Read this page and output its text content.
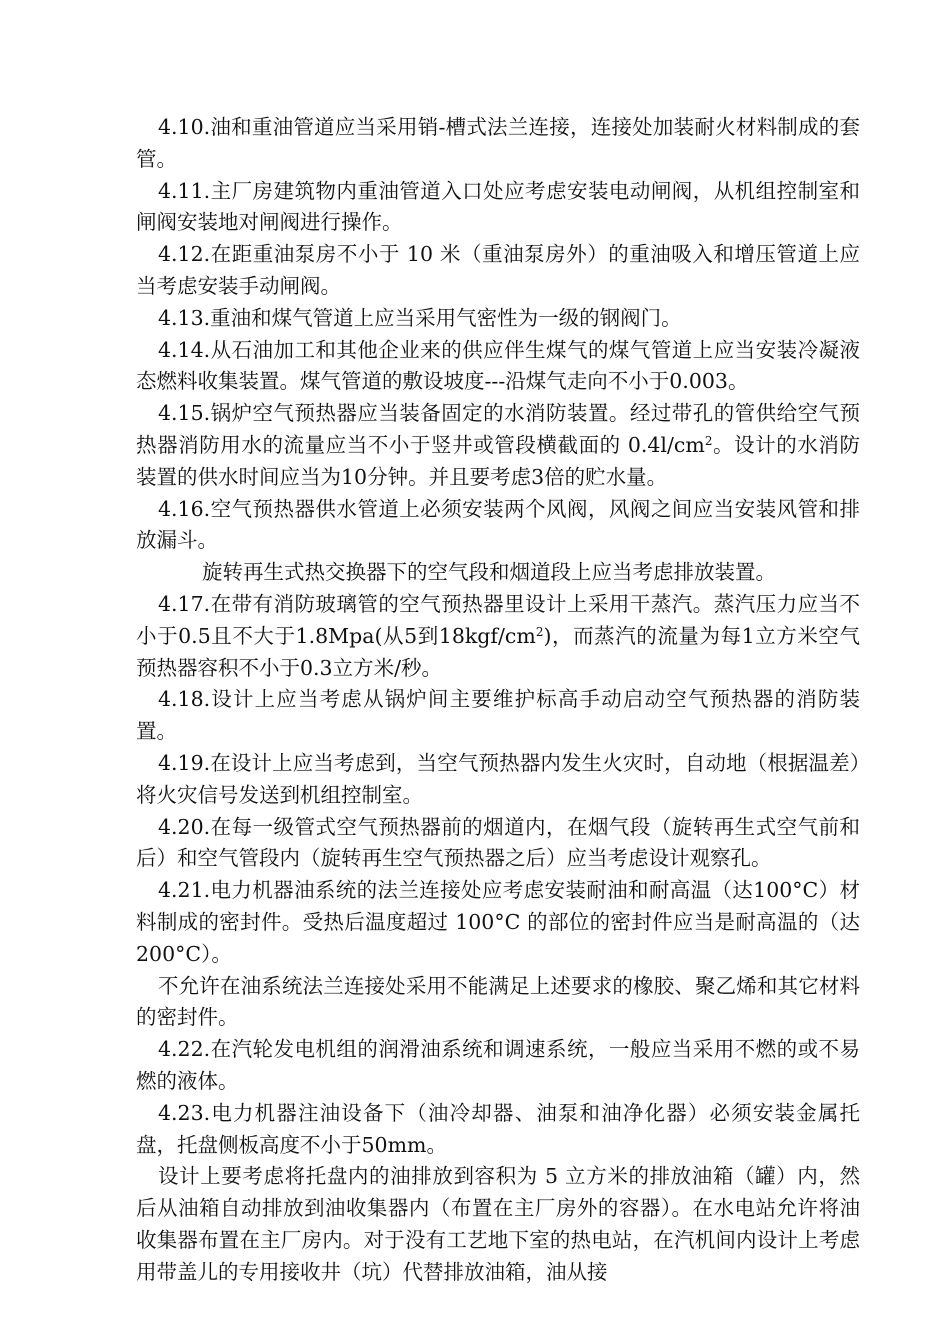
4.10.油和重油管道应当采用销-槽式法兰连接，连接处加装耐火材料制成的套管。

4.11.主厂房建筑物内重油管道入口处应考虑安装电动闸阀，从机组控制室和闸阀安装地对闸阀进行操作。

4.12.在距重油泵房不小于 10 米（重油泵房外）的重油吸入和增压管道上应当考虑安装手动闸阀。

4.13.重油和煤气管道上应当采用气密性为一级的钢阀门。

4.14.从石油加工和其他企业来的供应伴生煤气的煤气管道上应当安装冷凝液态燃料收集装置。煤气管道的敷设坡度---沿煤气走向不小于0.003。

4.15.锅炉空气预热器应当装备固定的水消防装置。经过带孔的管供给空气预热器消防用水的流量应当不小于竖井或管段横截面的 $0.4l/cm^2$。设计的水消防装置的供水时间应当为10分钟。并且要考虑3倍的贮水量。

4.16.空气预热器供水管道上必须安装两个风阀，风阀之间应当安装风管和排放漏斗。

旋转再生式热交换器下的空气段和烟道段上应当考虑排放装置。

4.17.在带有消防玻璃管的空气预热器里设计上采用干蒸汽。蒸汽压力应当不小于0.5且不大于1.8Mpa(从5到$18kgf/cm^2$)，而蒸汽的流量为每1立方米空气预热器容积不小于0.3立方米/秒。

4.18.设计上应当考虑从锅炉间主要维护标高手动启动空气预热器的消防装置。

4.19.在设计上应当考虑到，当空气预热器内发生火灾时，自动地（根据温差）将火灾信号发送到机组控制室。

4.20.在每一级管式空气预热器前的烟道内，在烟气段（旋转再生式空气前和后）和空气管段内（旋转再生空气预热器之后）应当考虑设计观察孔。

4.21.电力机器油系统的法兰连接处应考虑安装耐油和耐高温（达100°C）材料制成的密封件。受热后温度超过 100°C 的部位的密封件应当是耐高温的（达200°C）。

不允许在油系统法兰连接处采用不能满足上述要求的橡胶、聚乙烯和其它材料的密封件。

4.22.在汽轮发电机组的润滑油系统和调速系统，一般应当采用不燃的或不易燃的液体。

4.23.电力机器注油设备下（油冷却器、油泵和油净化器）必须安装金属托盘，托盘侧板高度不小于50mm。

设计上要考虑将托盘内的油排放到容积为 5 立方米的排放油箱（罐）内，然后从油箱自动排放到油收集器内（布置在主厂房外的容器）。在水电站允许将油收集器布置在主厂房内。对于没有工艺地下室的热电站，在汽机间内设计上考虑用带盖儿的专用接收井（坑）代替排放油箱，油从接
